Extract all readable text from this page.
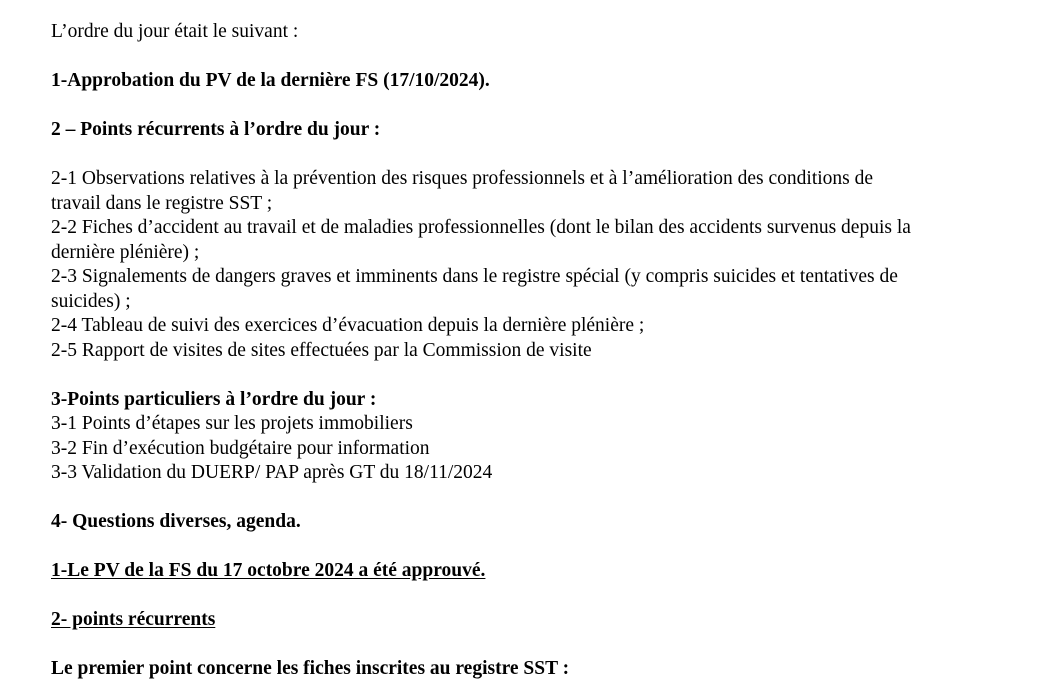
L’ordre du jour était le suivant :
1-Approbation du PV de la dernière FS (17/10/2024).
2 – Points récurrents à l’ordre du jour :
2-1 Observations relatives à la prévention des risques professionnels et à l’amélioration des conditions de
travail dans le registre SST ;
2-2 Fiches d’accident au travail et de maladies professionnelles (dont le bilan des accidents survenus depuis la
dernière plénière) ;
2-3 Signalements de dangers graves et imminents dans le registre spécial (y compris suicides et tentatives de
suicides) ;
2-4 Tableau de suivi des exercices d’évacuation depuis la dernière plénière ;
2-5 Rapport de visites de sites effectuées par la Commission de visite
3-Points particuliers à l’ordre du jour :
3-1 Points d’étapes sur les projets immobiliers
3-2 Fin d’exécution budgétaire pour information
3-3 Validation du DUERP/ PAP après GT du 18/11/2024
4- Questions diverses, agenda.
1-Le PV de la FS du 17 octobre 2024 a été approuvé.
2- points récurrents
Le premier point concerne les fiches inscrites au registre SST :
